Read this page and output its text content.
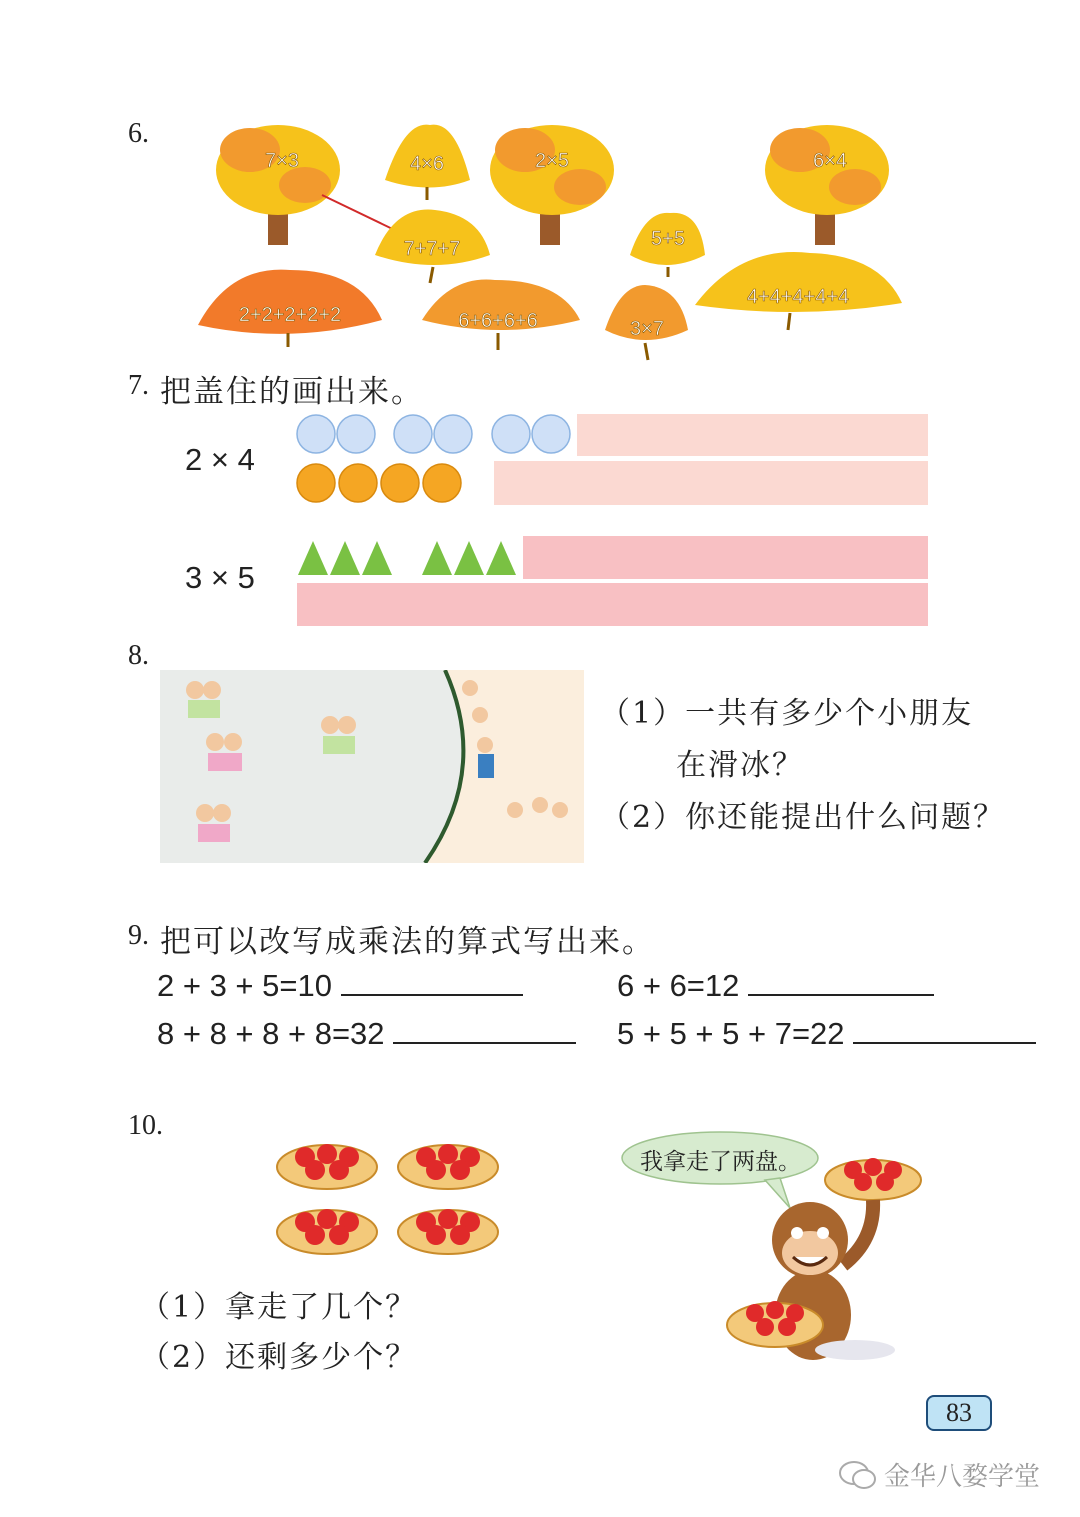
6.
7×3	4×6	2×5	6×4
7+7+7	5+5
2+2+2+2+2	6+6+6+6	3×7
4+4+4+4+4
7. 把盖住的画出来。
2 × 4
3 × 5
8.
（1）一共有多少个小朋友
在滑冰？
（2）你还能提出什么问题？
9. 把可以改写成乘法的算式写出来。
2 + 3 + 5=10	6 + 6=12
8 + 8 + 8 + 8=32	5 + 5 + 5 + 7=22
10.
我拿走了两盘。
（1）拿走了几个？
（2）还剩多少个？
83
金华八婺学堂
